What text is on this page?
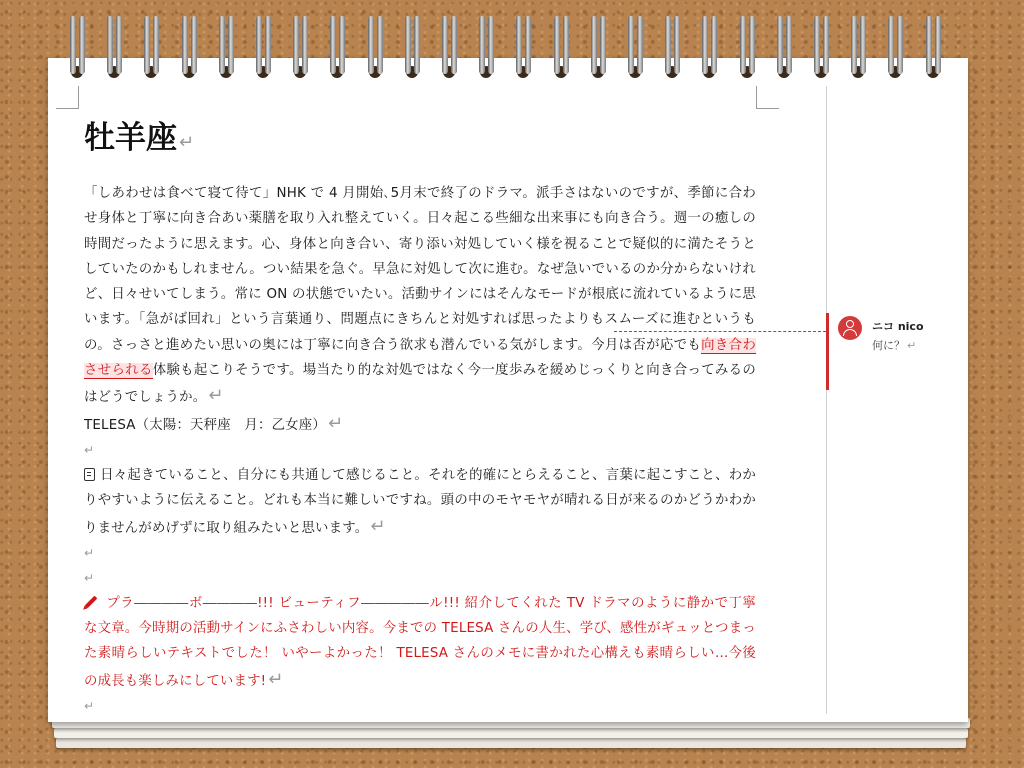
牡羊座 ↵

「しあわせは食べて寝て待て」NHK で 4 月開始､5月末で終了のドラマ。派手さはないのですが、季節に合わせ身体と丁寧に向き合あい薬膳を取り入れ整えていく。日々起こる些細な出来事にも向き合う。週一の癒しの時間だったように思えます。心、身体と向き合い、寄り添い対処していく様を視ることで疑似的に満たそうとしていたのかもしれません。つい結果を急ぐ。早急に対処して次に進む。なぜ急いでいるのか分からないけれど、日々せいてしまう。常に ON の状態でいたい。活動サインにはそんなモードが根底に流れているように思います。「急がば回れ」という言葉通り、問題点にきちんと対処すれば思ったよりもスムーズに進むというもの。さっさと進めたい思いの奥には丁寧に向き合う欲求も潜んでいる気がします。今月は否が応でも向き合わさせられる体験も起こりそうです。場当たり的な対処ではなく今一度歩みを緩めじっくりと向き合ってみるのはどうでしょうか。 ↵

TELESA（太陽：天秤座　月：乙女座） ↵

↵

日々起きていること、自分にも共通して感じること。それを的確にとらえること、言葉に起こすこと、わかりやすいように伝えること。どれも本当に難しいですね。頭の中のモヤモヤが晴れる日が来るのかどうかわかりませんがめげずに取り組みたいと思います。 ↵

↵
↵

プラ――――ボ――――!!! ビューティフ―――――ル!!! 紹介してくれた TV ドラマのように静かで丁寧な文章。今時期の活動サインにふさわしい内容。今までの TELESA さんの人生、学び、感性がギュッとつまった素晴らしいテキストでした！ いやーよかった！ TELESA さんのメモに書かれた心構えも素晴らしい…今後の成長も楽しみにしています! ↵

↵
ニコ nico
何に？ ↵
